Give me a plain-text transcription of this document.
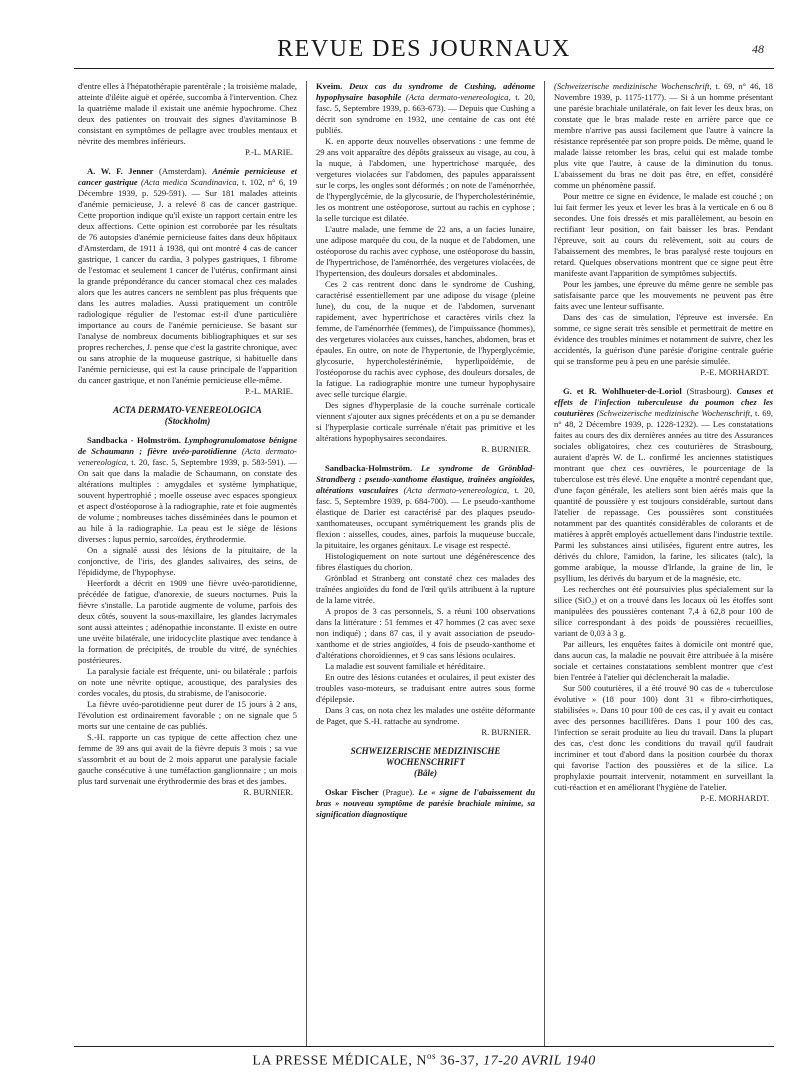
REVUE DES JOURNAUX	48

d'entre elles à l'hépatothérapie parentérale ; la troisième malade, atteinte d'iléite aiguë et opérée, succomba à l'intervention. Chez la quatrième malade il existait une anémie hypochrome. Chez deux des patientes on trouvait des signes d'avitaminose B consistant en symptômes de pellagre avec troubles mentaux et névrite des membres inférieurs.

P.-L. MARIE.

A. W. F. Jenner (Amsterdam). Anémie pernicieuse et cancer gastrique (Acta medica Scandinavica, t. 102, n° 6, 19 Décembre 1939, p. 529-591). — Sur 181 malades atteints d'anémie pernicieuse, J. a relevé 8 cas de cancer gastrique. Cette proportion indique qu'il existe un rapport certain entre les deux affections. Cette opinion est corroborée par les résultats de 76 autopsies d'anémie pernicieuse faites dans deux hôpitaux d'Amsterdam, de 1911 à 1938, qui ont montré 4 cas de cancer gastrique, 1 cancer du cardia, 3 polypes gastriques, 1 fibrome de l'estomac et seulement 1 cancer de l'utérus, confirmant ainsi la grande prépondérance du cancer stomacal chez ces malades alors que les autres cancers ne semblent pas plus fréquents que dans les autres maladies. Aussi pratiquement un contrôle radiologique régulier de l'estomac est-il d'une particulière importance au cours de l'anémie pernicieuse. Se basant sur l'analyse de nombreux documents bibliographiques et sur ses propres recherches, J. pense que c'est la gastrite chronique, avec ou sans atrophie de la muqueuse gastrique, si habituelle dans l'anémie pernicieuse, qui est la cause principale de l'apparition du cancer gastrique, et non l'anémie pernicieuse elle-même.

P.-L. MARIE.
ACTA DERMATO-VENEREOLOGICA
(Stockholm)

Sandbacka - Holmström. Lymphogranulomatose bénigne de Schaumann ; fièvre uvéo-parotidienne (Acta dermato-venereologica, t. 20, fasc. 5, Septembre 1939, p. 583-591). — On sait que dans la maladie de Schaumann, on constate des altérations multiples : amygdales et système lymphatique, souvent hypertrophié ; moelle osseuse avec espaces spongieux et aspect d'ostéoporose à la radiographie, rate et foie augmentés de volume ; nombreuses taches disséminées dans le poumon et au hile à la radiographie. La peau est le siège de lésions diverses : lupus pernio, sarcoïdes, érythrodermie.

On a signalé aussi des lésions de la pituitaire, de la conjonctive, de l'iris, des glandes salivaires, des seins, de l'épididyme, de l'hypophyse.

Heerfordt a décrit en 1909 une fièvre uvéo-parotidienne, précédée de fatigue, d'anorexie, de sueurs nocturnes. Puis la fièvre s'installe. La parotide augmente de volume, parfois des deux côtés, souvent la sous-maxillaire, les glandes lacrymales sont aussi atteintes ; adénopathie inconstante. Il existe en outre une uvéite bilatérale, une iridocyclite plastique avec tendance à la formation de précipités, de trouble du vitré, de synéchies postérieures.

La paralysie faciale est fréquente, uni- ou bilatérale ; parfois on note une névrite optique, acoustique, des paralysies des cordes vocales, du ptosis, du strabisme, de l'anisocorie.

La fièvre uvéo-parotidienne peut durer de 15 jours à 2 ans, l'évolution est ordinairement favorable ; on ne signale que 5 morts sur une centaine de cas publiés.

S.-H. rapporte un cas typique de cette affection chez une femme de 39 ans qui avait de la fièvre depuis 3 mois ; sa vue s'assombrit et au bout de 2 mois apparut une paralysie faciale gauche consécutive à une tuméfaction ganglionnaire ; un mois plus tard survenait une érythrodermie des bras et des jambes.

R. BURNIER.

Kveim. Deux cas du syndrome de Cushing, adénome hypophysaire basophile (Acta dermato-venereologica, t. 20, fasc. 5, Septembre 1939, p. 663-673). — Depuis que Cushing a décrit son syndrome en 1932, une centaine de cas ont été publiés.

K. en apporte deux nouvelles observations : une femme de 29 ans voit apparaître des dépôts graisseux au visage, au cou, à la nuque, à l'abdomen, une hypertrichose marquée, des vergetures violacées sur l'abdomen, des papules apparaissent sur le corps, les ongles sont déformés ; on note de l'aménorrhée, de l'hyperglycémie, de la glycosurie, de l'hypercholestérinémie, les os montrent une ostéoporose, surtout au rachis en cyphose ; la selle turcique est dilatée.

L'autre malade, une femme de 22 ans, a un facies lunaire, une adipose marquée du cou, de la nuque et de l'abdomen, une ostéoporose du rachis avec cyphose, une ostéoporose du bassin, de l'hypertrichose, de l'aménorrhée, des vergetures violacées, de l'hypertension, des douleurs dorsales et abdominales.

Ces 2 cas rentrent donc dans le syndrome de Cushing, caractérisé essentiellement par une adipose du visage (pleine lune), du cou, de la nuque et de l'abdomen, survenant rapidement, avec hypertrichose et caractères virils chez la femme, de l'aménorrhée (femmes), de l'impuissance (hommes), des vergetures violacées aux cuisses, hanches, abdomen, bras et épaules. En outre, on note de l'hypertonie, de l'hyperglycémie, glycosurie, hypercholestérinémie, hyperlipoïdémie, de l'ostéoporose du rachis avec cyphose, des douleurs dorsales, de la fatigue. La radiographie montre une tumeur hypophysaire avec selle turcique élargie.

Des signes d'hyperplasie de la couche surrénale corticale viennent s'ajouter aux signes précédents et on a pu se demander si l'hyperplasie corticale surrénale n'était pas primitive et les altérations hypophysaires secondaires.

R. BURNIER.

Sandbacka-Holmström. Le syndrome de Grönblad-Strandberg : pseudo-xanthome élastique, traînées angioïdes, altérations vasculaires (Acta dermato-venereologica, t. 20, fasc. 5, Septembre 1939, p. 684-700). — Le pseudo-xanthome élastique de Darier est caractérisé par des plaques pseudo-xanthomateuses, occupant symétriquement les grands plis de flexion : aisselles, coudes, aines, parfois la muqueuse buccale, la pituitaire, les organes génitaux. Le visage est respecté.

Histologiquement on note surtout une dégénérescence des fibres élastiques du chorion.

Grönblad et Stranberg ont constaté chez ces malades des traînées angioïdes du fond de l'œil qu'ils attribuent à la rupture de la lame vitrée.

A propos de 3 cas personnels, S. a réuni 100 observations dans la littérature : 51 femmes et 47 hommes (2 cas avec sexe non indiqué) ; dans 87 cas, il y avait association de pseudo-xanthome et de stries angioïdes, 4 fois de pseudo-xanthome et d'altérations choroïdiennes, et 9 cas sans lésions oculaires.

La maladie est souvent familiale et héréditaire.

En outre des lésions cutanées et oculaires, il peut exister des troubles vaso-moteurs, se traduisant entre autres sous forme d'épilepsie.

Dans 3 cas, on nota chez les malades une ostéite déformante de Paget, que S.-H. rattache au syndrome.

R. BURNIER.
SCHWEIZERISCHE MEDIZINISCHE WOCHENSCHRIFT
(Bâle)

Oskar Fischer (Prague). Le « signe de l'abaissement du bras » nouveau symptôme de parésie brachiale minime, sa signification diagnostique

(Schweizerische medizinische Wochenschrift, t. 69, n° 46, 18 Novembre 1939, p. 1175-1177). — Si à un homme présentant une parésie brachiale unilatérale, on fait lever les deux bras, on constate que le bras malade reste en arrière parce que ce membre n'arrive pas aussi facilement que l'autre à vaincre la résistance représentée par son propre poids. De même, quand le malade laisse retomber les bras, celui qui est malade tombe plus vite que l'autre, à cause de la diminution du tonus. L'abaissement du bras ne doit pas être, en effet, considéré comme un phénomène passif.

Pour mettre ce signe en évidence, le malade est couché ; on lui fait fermer les yeux et lever les bras à la verticale en 6 ou 8 secondes. Une fois dressés et mis parallèlement, au besoin en rectifiant leur position, on fait baisser les bras. Pendant l'épreuve, soit au cours du relèvement, soit au cours de l'abaissement des membres, le bras paralysé reste toujours en retard. Quelques observations montrent que ce signe peut être manifeste avant l'apparition de symptômes subjectifs.

Pour les jambes, une épreuve du même genre ne semble pas satisfaisante parce que les mouvements ne peuvent pas être faits avec une lenteur suffisante.

Dans des cas de simulation, l'épreuve est inversée. En somme, ce signe serait très sensible et permettrait de mettre en évidence des troubles minimes et notamment de suivre, chez les accidentés, la guérison d'une parésie d'origine centrale guérie qui se transforme peu à peu en une parésie simulée.

P.-E. MORHARDT.

G. et R. Wohlhueter-de-Loriol (Strasbourg). Causes et effets de l'infection tuberculeuse du poumon chez les couturières (Schweizerische medizinische Wochenschrift, t. 69, n° 48, 2 Décembre 1939, p. 1228-1232). — Les constatations faites au cours des dix dernières années au titre des Assurances sociales obligatoires, chez ces couturières de Strasbourg, auraient d'après W. de L. confirmé les anciennes statistiques montrant que chez ces ouvrières, le pourcentage de la tuberculose est très élevé. Une enquête a montré cependant que, d'une façon générale, les ateliers sont bien aérés mais que la quantité de poussière y est toujours considérable, surtout dans l'atelier de repassage. Ces poussières sont constituées notamment par des quantités considérables de colorants et de matières à apprêt employés actuellement dans l'industrie textile. Parmi les substances ainsi utilisées, figurent entre autres, les dérivés du chlore, l'amidon, la farine, les silicates (talc), la gomme arabique, la mousse d'Irlande, la graine de lin, le psyllium, les dérivés du baryum et de la magnésie, etc.

Les recherches ont été poursuivies plus spécialement sur la silice (SiO₂) et on a trouvé dans les locaux où les étoffes sont manipulées des poussières contenant 7,4 à 62,8 pour 100 de silice correspondant à des poids de poussières recueillies, variant de 0,03 à 3 g.

Par ailleurs, les enquêtes faites à domicile ont montré que, dans aucun cas, la maladie ne pouvait être attribuée à la misère sociale et certaines constatations semblent montrer que c'est bien l'entrée à l'atelier qui déclencherait la maladie.

Sur 500 couturières, il a été trouvé 90 cas de « tuberculose évolutive » (18 pour 100) dont 31 « fibro-cirrhotiques, stabilisées ». Dans 10 pour 100 de ces cas, il y avait eu contact avec des personnes bacillifères. Dans 1 pour 100 des cas, l'infection se serait produite au lieu du travail. Dans la plupart des cas, c'est donc les conditions du travail qu'il faudrait incriminer et tout d'abord dans la position courbée du thorax qui favorise l'action des poussières et de la silice. La prophylaxie pourrait intervenir, notamment en surveillant la cuti-réaction et en améliorant l'hygiène de l'atelier.

P.-E. MORHARDT.
LA PRESSE MÉDICALE, $N^{os}$ 36-37, 17-20 AVRIL 1940
